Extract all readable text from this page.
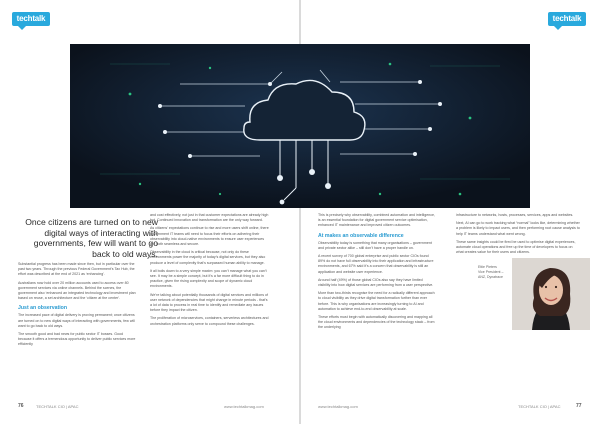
techtalk
Once citizens are turned on to new digital ways of interacting with governments, few will want to go back to old ways.

Substantial progress has been made since then, but in particular over the past two years. Through the previous Federal Government’s Tax Hub, the effort was described at the end of 2021 as ‘enhancing’.

Australians now hold over 20 million accounts used to access over 80 government services via online channels. Behind the scenes, the government also ‘enhanced an integrated technology and investment plan based on reuse, a set architecture and the ‘citizen at the center’.

Just an observation

The increased pace of digital delivery is proving permanent; once citizens are turned on to new digital ways of interacting with governments, few will want to go back to old ways.

The smooth good and bad news for public sector IT bosses. Good because it offers a tremendous opportunity to deliver public services more efficiently

and cost effectively, not just in that customer expectations are already high but. Continued innovation and transformation are the only way forward.

As citizens’ expectations continue to rise and more users shift online, there government IT teams will need to focus their efforts on adhering their observability into cloud-native environments to ensure user experiences are both seamless and secure.

Observability in the cloud is critical because, not only do these environments power the majority of today’s digital services, but they also produce a level of complexity that’s surpassed human ability to manage.

It all boils down to a very simple maxim: you can’t manage what you can’t see. It may be a simple concept, but it’s a far more difficult thing to do in practice, given the rising complexity and scope of dynamic cloud environments.

We’re talking about potentially thousands of digital services and millions of user network of dependencies that might change in minute periods - that’s a lot of data to process in real time to identify and remediate any issues before they impact the citizen.

The proliferation of microservices, containers, serverless architectures and orchestration platforms only serve to compound these challenges.

76	TECHTALK CIO | APAC	www.techtalkmag.com
techtalk

This is precisely why observability, combined automation and intelligence, is an essential foundation for digital government service optimisation, enhanced IT maintenance and improved citizen outcomes.

At makes an observable difference

Observability today is something that many organisations – government and private sector alike – still don’t have a proper handle on.

A recent survey of 700 global enterprise and public sector CIOs found 89% do not have full observability into their application and infrastructure environments, and 67% said it’s a concern that observability is still an application and website user experience.

Around half (49%) of those global CIOs also say they have limited visibility into how digital services are performing from a user perspective.

More than two-thirds recognise the need for a radically different approach to cloud visibility as they drive digital transformation further than ever before. This is why organisations are increasingly turning to AI and automation to achieve end-to-end observability at scale.

These efforts must begin with automatically discovering and mapping all the cloud environments and dependencies of the technology stack – from the underlying

infrastructure to networks, hosts, processes, services, apps and websites.

Next, AI can go to work tracking what “normal” looks like, determining whether a problem is likely to impact users, and then performing root cause analysis to help IT teams understand what went wrong.

These same insights could be fired be used to optimise digital experiences, automate cloud operations and free up the time of developers to focus on what creates value for their users and citizens.

www.techtalkmag.com	TECHTALK CIO | APAC	77
Ettie Pieters
Vice President –
ANZ, Dynatrace
